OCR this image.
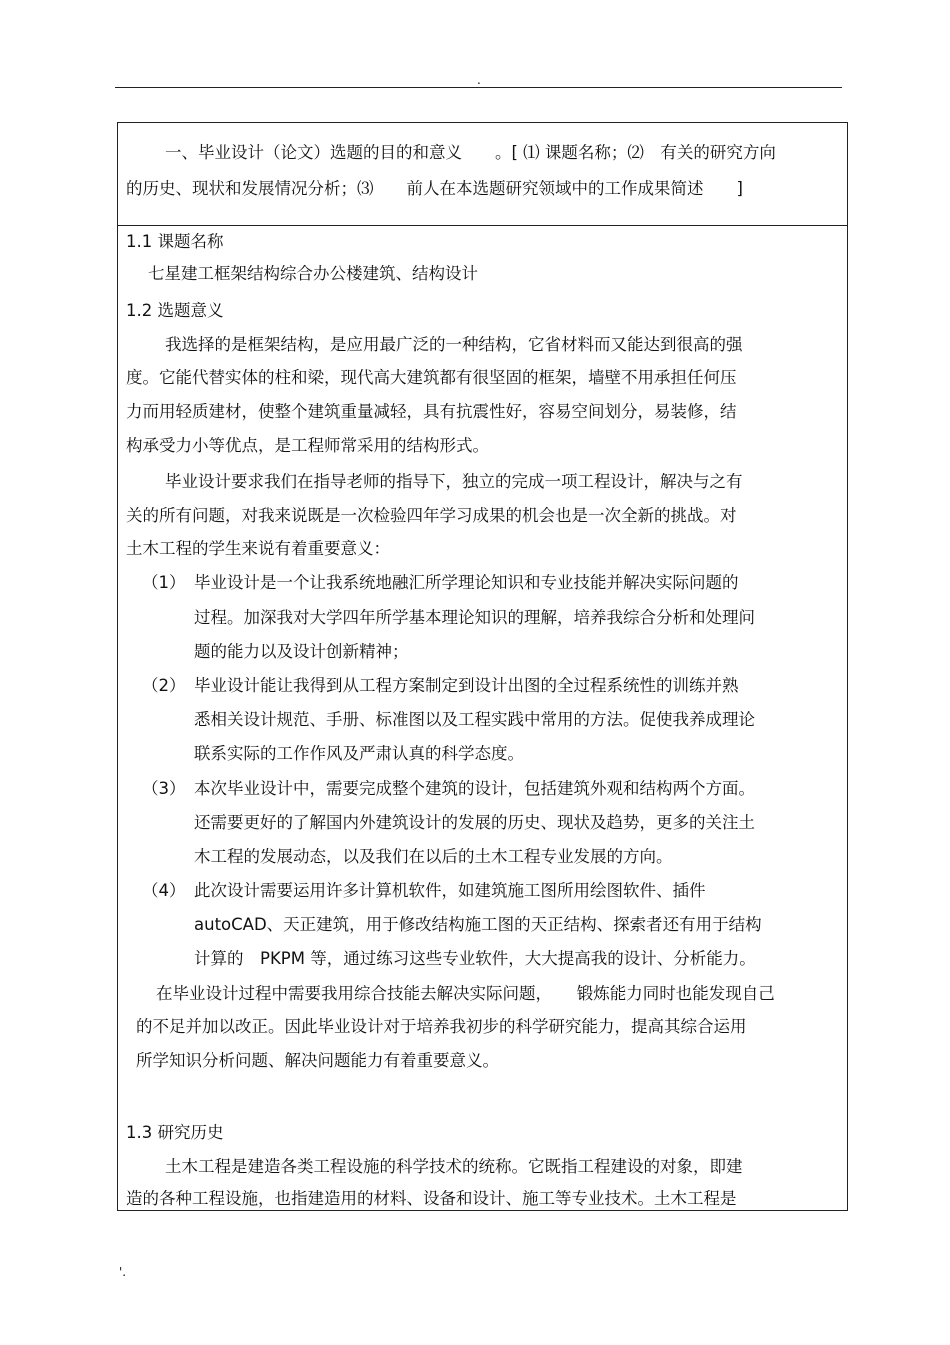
.
一、毕业设计（论文）选题的目的和意义　　。[ ⑴ 课题名称；⑵　有关的研究方向
的历史、现状和发展情况分析；⑶　　前人在本选题研究领域中的工作成果简述　　]
1.1 课题名称
七星建工框架结构综合办公楼建筑、结构设计
1.2 选题意义
我选择的是框架结构，是应用最广泛的一种结构，它省材料而又能达到很高的强
度。它能代替实体的柱和梁，现代高大建筑都有很坚固的框架，墙壁不用承担任何压
力而用轻质建材，使整个建筑重量减轻，具有抗震性好，容易空间划分，易装修，结
构承受力小等优点，是工程师常采用的结构形式。
毕业设计要求我们在指导老师的指导下，独立的完成一项工程设计，解决与之有
关的所有问题，对我来说既是一次检验四年学习成果的机会也是一次全新的挑战。对
土木工程的学生来说有着重要意义：
（1） 毕业设计是一个让我系统地融汇所学理论知识和专业技能并解决实际问题的
过程。加深我对大学四年所学基本理论知识的理解，培养我综合分析和处理问
题的能力以及设计创新精神；
（2） 毕业设计能让我得到从工程方案制定到设计出图的全过程系统性的训练并熟
悉相关设计规范、手册、标准图以及工程实践中常用的方法。促使我养成理论
联系实际的工作作风及严肃认真的科学态度。
（3） 本次毕业设计中，需要完成整个建筑的设计，包括建筑外观和结构两个方面。
还需要更好的了解国内外建筑设计的发展的历史、现状及趋势，更多的关注土
木工程的发展动态，以及我们在以后的土木工程专业发展的方向。
（4） 此次设计需要运用许多计算机软件，如建筑施工图所用绘图软件、插件
autoCAD、天正建筑，用于修改结构施工图的天正结构、探索者还有用于结构
计算的　PKPM 等，通过练习这些专业软件，大大提高我的设计、分析能力。
在毕业设计过程中需要我用综合技能去解决实际问题，　　锻炼能力同时也能发现自己
的不足并加以改正。因此毕业设计对于培养我初步的科学研究能力，提高其综合运用
所学知识分析问题、解决问题能力有着重要意义。
1.3 研究历史
土木工程是建造各类工程设施的科学技术的统称。它既指工程建设的对象，即建
造的各种工程设施，也指建造用的材料、设备和设计、施工等专业技术。土木工程是
'.
